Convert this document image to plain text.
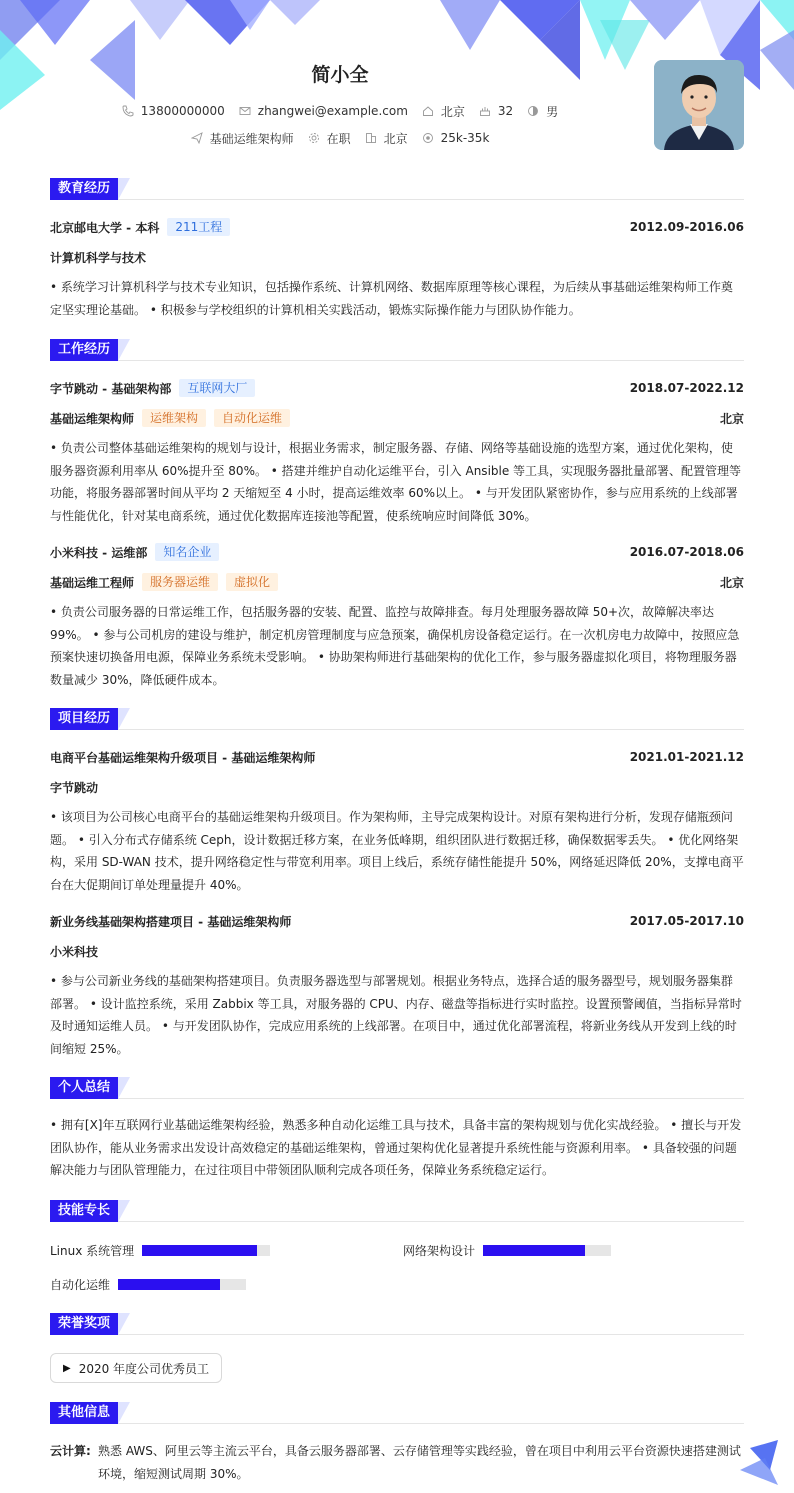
简小全
13800000000	zhangwei@example.com	北京	32	男
基础运维架构师	在职	北京	25k-35k
教育经历
北京邮电大学 - 本科	211工程	2012.09-2016.06
计算机科学与技术
• 系统学习计算机科学与技术专业知识，包括操作系统、计算机网络、数据库原理等核心课程，为后续从事基础运维架构师工作奠定坚实理论基础。 • 积极参与学校组织的计算机相关实践活动，锻炼实际操作能力与团队协作能力。
工作经历
字节跳动 - 基础架构部	互联网大厂	2018.07-2022.12
基础运维架构师	运维架构	自动化运维	北京
• 负责公司整体基础运维架构的规划与设计，根据业务需求，制定服务器、存储、网络等基础设施的选型方案，通过优化架构，使服务器资源利用率从 60%提升至 80%。 • 搭建并维护自动化运维平台，引入 Ansible 等工具，实现服务器批量部署、配置管理等功能，将服务器部署时间从平均 2 天缩短至 4 小时，提高运维效率 60%以上。 • 与开发团队紧密协作，参与应用系统的上线部署与性能优化，针对某电商系统，通过优化数据库连接池等配置，使系统响应时间降低 30%。
小米科技 - 运维部	知名企业	2016.07-2018.06
基础运维工程师	服务器运维	虚拟化	北京
• 负责公司服务器的日常运维工作，包括服务器的安装、配置、监控与故障排查。每月处理服务器故障 50+次，故障解决率达 99%。 • 参与公司机房的建设与维护，制定机房管理制度与应急预案，确保机房设备稳定运行。在一次机房电力故障中，按照应急预案快速切换备用电源，保障业务系统未受影响。 • 协助架构师进行基础架构的优化工作，参与服务器虚拟化项目，将物理服务器数量减少 30%，降低硬件成本。
项目经历
电商平台基础运维架构升级项目 - 基础运维架构师	2021.01-2021.12
字节跳动
• 该项目为公司核心电商平台的基础运维架构升级项目。作为架构师，主导完成架构设计。对原有架构进行分析，发现存储瓶颈问题。 • 引入分布式存储系统 Ceph，设计数据迁移方案，在业务低峰期，组织团队进行数据迁移，确保数据零丢失。 • 优化网络架构，采用 SD-WAN 技术，提升网络稳定性与带宽利用率。项目上线后，系统存储性能提升 50%，网络延迟降低 20%，支撑电商平台在大促期间订单处理量提升 40%。
新业务线基础架构搭建项目 - 基础运维架构师	2017.05-2017.10
小米科技
• 参与公司新业务线的基础架构搭建项目。负责服务器选型与部署规划。根据业务特点，选择合适的服务器型号，规划服务器集群部署。 • 设计监控系统，采用 Zabbix 等工具，对服务器的 CPU、内存、磁盘等指标进行实时监控。设置预警阈值，当指标异常时及时通知运维人员。 • 与开发团队协作，完成应用系统的上线部署。在项目中，通过优化部署流程，将新业务线从开发到上线的时间缩短 25%。
个人总结
• 拥有[X]年互联网行业基础运维架构经验，熟悉多种自动化运维工具与技术，具备丰富的架构规划与优化实战经验。 • 擅长与开发团队协作，能从业务需求出发设计高效稳定的基础运维架构，曾通过架构优化显著提升系统性能与资源利用率。 • 具备较强的问题解决能力与团队管理能力，在过往项目中带领团队顺利完成各项任务，保障业务系统稳定运行。
技能专长
Linux 系统管理	网络架构设计
自动化运维
荣誉奖项
▶ 2020 年度公司优秀员工
其他信息
云计算: 熟悉 AWS、阿里云等主流云平台，具备云服务器部署、云存储管理等实践经验，曾在项目中利用云平台资源快速搭建测试环境，缩短测试周期 30%。
